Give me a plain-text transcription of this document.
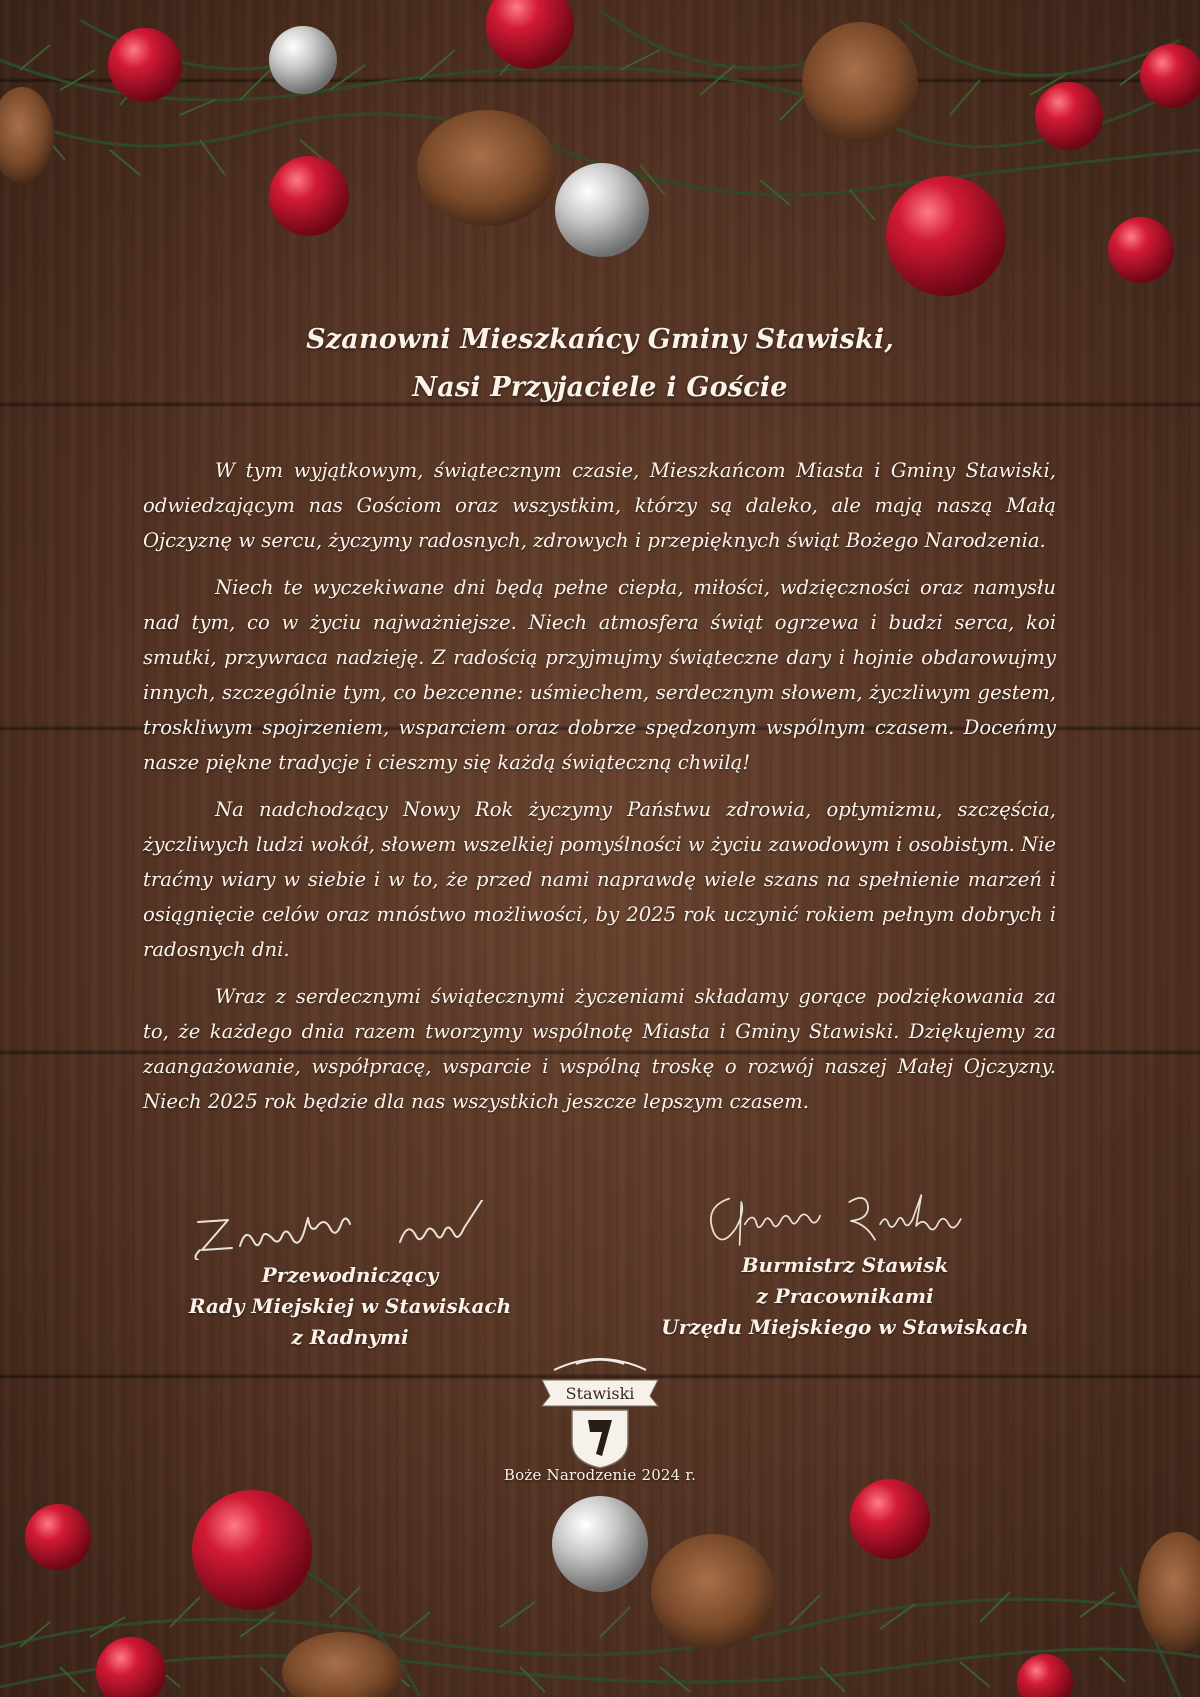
Szanowni Mieszkańcy Gminy Stawiski,
Nasi Przyjaciele i Goście

W tym wyjątkowym, świątecznym czasie, Mieszkańcom Miasta i Gminy Stawiski, odwiedzającym nas Gościom oraz wszystkim, którzy są daleko, ale mają naszą Małą Ojczyznę w sercu, życzymy radosnych, zdrowych i przepięknych świąt Bożego Narodzenia.

Niech te wyczekiwane dni będą pełne ciepła, miłości, wdzięczności oraz namysłu nad tym, co w życiu najważniejsze. Niech atmosfera świąt ogrzewa i budzi serca, koi smutki, przywraca nadzieję. Z radością przyjmujmy świąteczne dary i hojnie obdarowujmy innych, szczególnie tym, co bezcenne: uśmiechem, serdecznym słowem, życzliwym gestem, troskliwym spojrzeniem, wsparciem oraz dobrze spędzonym wspólnym czasem. Doceńmy nasze piękne tradycje i cieszmy się każdą świąteczną chwilą!

Na nadchodzący Nowy Rok życzymy Państwu zdrowia, optymizmu, szczęścia, życzliwych ludzi wokół, słowem wszelkiej pomyślności w życiu zawodowym i osobistym. Nie traćmy wiary w siebie i w to, że przed nami naprawdę wiele szans na spełnienie marzeń i osiągnięcie celów oraz mnóstwo możliwości, by 2025 rok uczynić rokiem pełnym dobrych i radosnych dni.

Wraz z serdecznymi świątecznymi życzeniami składamy gorące podziękowania za to, że każdego dnia razem tworzymy wspólnotę Miasta i Gminy Stawiski. Dziękujemy za zaangażowanie, współpracę, wsparcie i wspólną troskę o rozwój naszej Małej Ojczyzny. Niech 2025 rok będzie dla nas wszystkich jeszcze lepszym czasem.

Przewodniczący
Rady Miejskiej w Stawiskach
z Radnymi
Burmistrz Stawisk
z Pracownikami
Urzędu Miejskiego w Stawiskach
Stawiski
Boże Narodzenie 2024 r.
